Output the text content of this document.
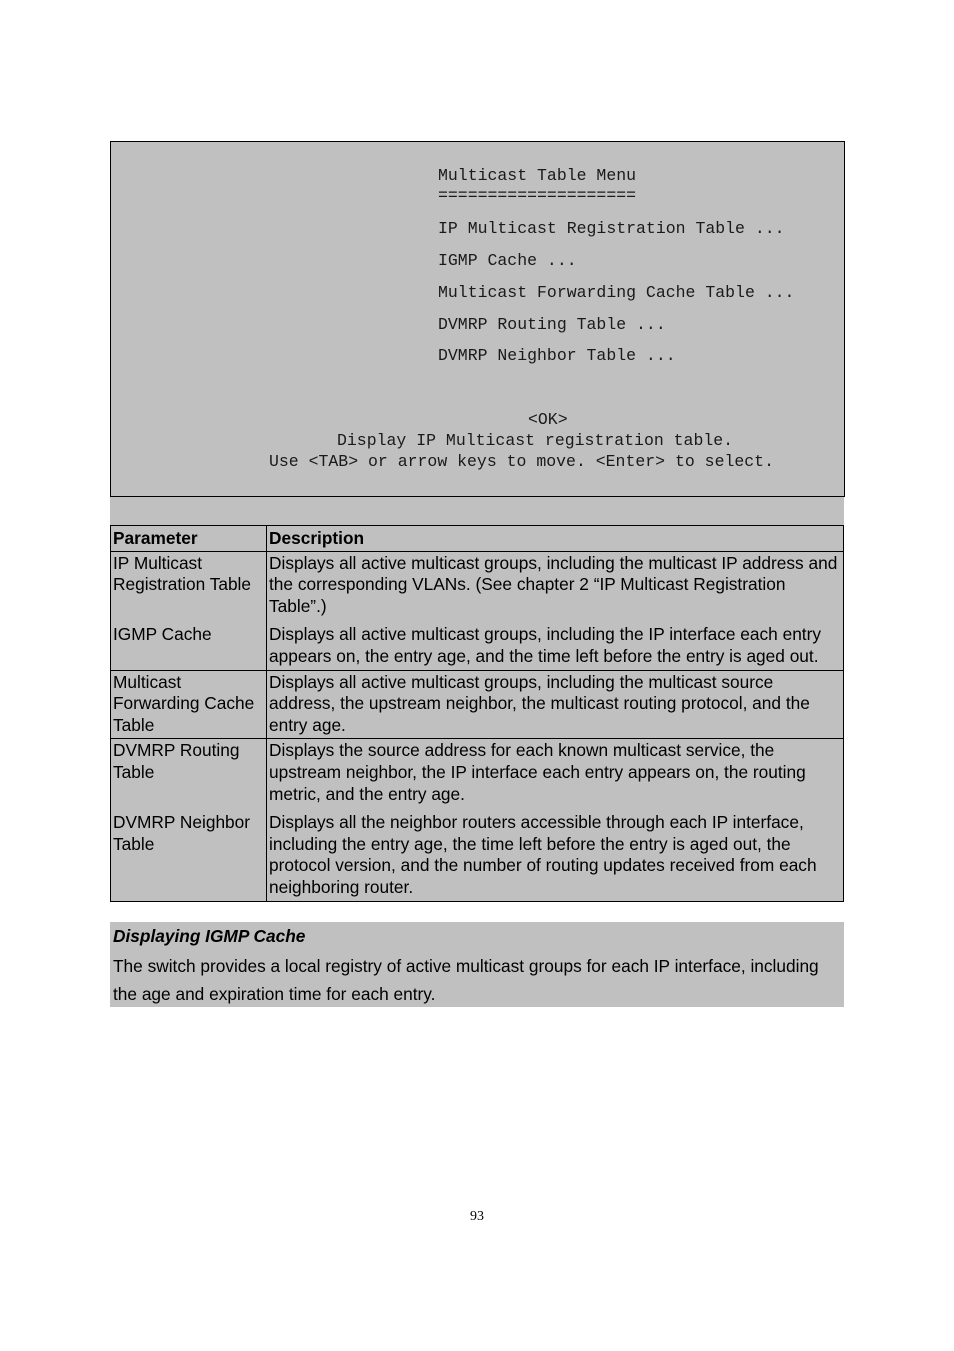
Multicast Table Menu

====================

IP Multicast Registration Table ...

IGMP Cache ...

Multicast Forwarding Cache Table ...

DVMRP Routing Table ...

DVMRP Neighbor Table ...

<OK>

Display IP Multicast registration table.

Use <TAB> or arrow keys to move. <Enter> to select.

Parameter	Description
IP Multicast Registration Table	Displays all active multicast groups, including the multicast IP address and the corresponding VLANs. (See chapter 2 “IP Multicast Registration Table”.)
IGMP Cache	Displays all active multicast groups, including the IP interface each entry appears on, the entry age, and the time left before the entry is aged out.
Multicast Forwarding Cache Table	Displays all active multicast groups, including the multicast source address, the upstream neighbor, the multicast routing protocol, and the entry age.
DVMRP Routing Table	Displays the source address for each known multicast service, the upstream neighbor, the IP interface each entry appears on, the routing metric, and the entry age.
DVMRP Neighbor Table	Displays all the neighbor routers accessible through each IP interface, including the entry age, the time left before the entry is aged out, the protocol version, and the number of routing updates received from each neighboring router.
Displaying IGMP Cache
The switch provides a local registry of active multicast groups for each IP interface, including the age and expiration time for each entry.
93
